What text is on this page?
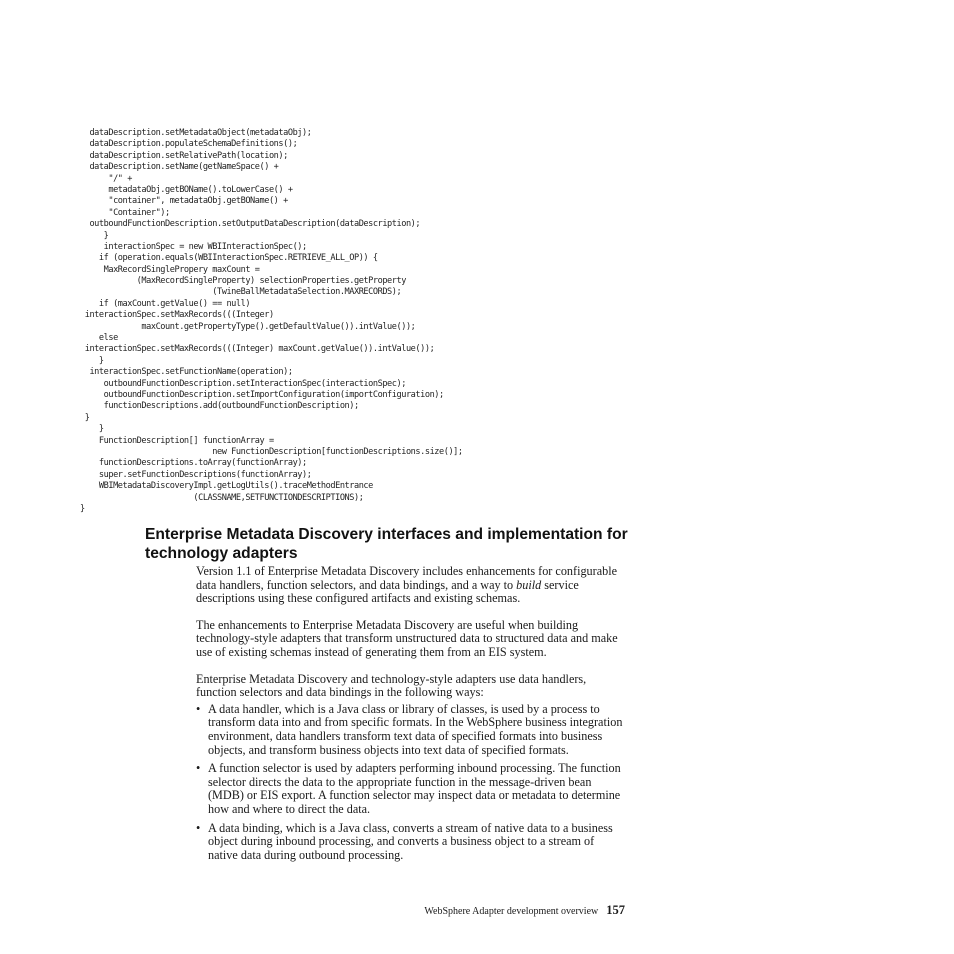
dataDescription.setMetadataObject(metadataObj);
dataDescription.populateSchemaDefinitions();
dataDescription.setRelativePath(location);
dataDescription.setName(getNameSpace() +
"/" +
metadataObj.getBOName().toLowerCase() +
"container", metadataObj.getBOName() +
"Container");
outboundFunctionDescription.setOutputDataDescription(dataDescription);
}
interactionSpec = new WBIInteractionSpec();
if (operation.equals(WBIInteractionSpec.RETRIEVE_ALL_OP)) {
MaxRecordSinglePropery maxCount =
(MaxRecordSingleProperty) selectionProperties.getProperty
(TwineBallMetadataSelection.MAXRECORDS);
if (maxCount.getValue() == null)
interactionSpec.setMaxRecords(((Integer)
maxCount.getPropertyType().getDefaultValue()).intValue());
else
interactionSpec.setMaxRecords(((Integer) maxCount.getValue()).intValue());
}
interactionSpec.setFunctionName(operation);
outboundFunctionDescription.setInteractionSpec(interactionSpec);
outboundFunctionDescription.setImportConfiguration(importConfiguration);
functionDescriptions.add(outboundFunctionDescription);
}
}
FunctionDescription[] functionArray =
new FunctionDescription[functionDescriptions.size()];
functionDescriptions.toArray(functionArray);
super.setFunctionDescriptions(functionArray);
WBIMetadataDiscoveryImpl.getLogUtils().traceMethodEntrance
(CLASSNAME,SETFUNCTIONDESCRIPTIONS);
}
Enterprise Metadata Discovery interfaces and implementation for technology adapters

Version 1.1 of Enterprise Metadata Discovery includes enhancements for configurable data handlers, function selectors, and data bindings, and a way to build service descriptions using these configured artifacts and existing schemas.

The enhancements to Enterprise Metadata Discovery are useful when building technology-style adapters that transform unstructured data to structured data and make use of existing schemas instead of generating them from an EIS system.

Enterprise Metadata Discovery and technology-style adapters use data handlers, function selectors and data bindings in the following ways:

• A data handler, which is a Java class or library of classes, is used by a process to transform data into and from specific formats. In the WebSphere business integration environment, data handlers transform text data of specified formats into business objects, and transform business objects into text data of specified formats.
• A function selector is used by adapters performing inbound processing. The function selector directs the data to the appropriate function in the message-driven bean (MDB) or EIS export. A function selector may inspect data or metadata to determine how and where to direct the data.
• A data binding, which is a Java class, converts a stream of native data to a business object during inbound processing, and converts a business object to a stream of native data during outbound processing.
WebSphere Adapter development overview 157
